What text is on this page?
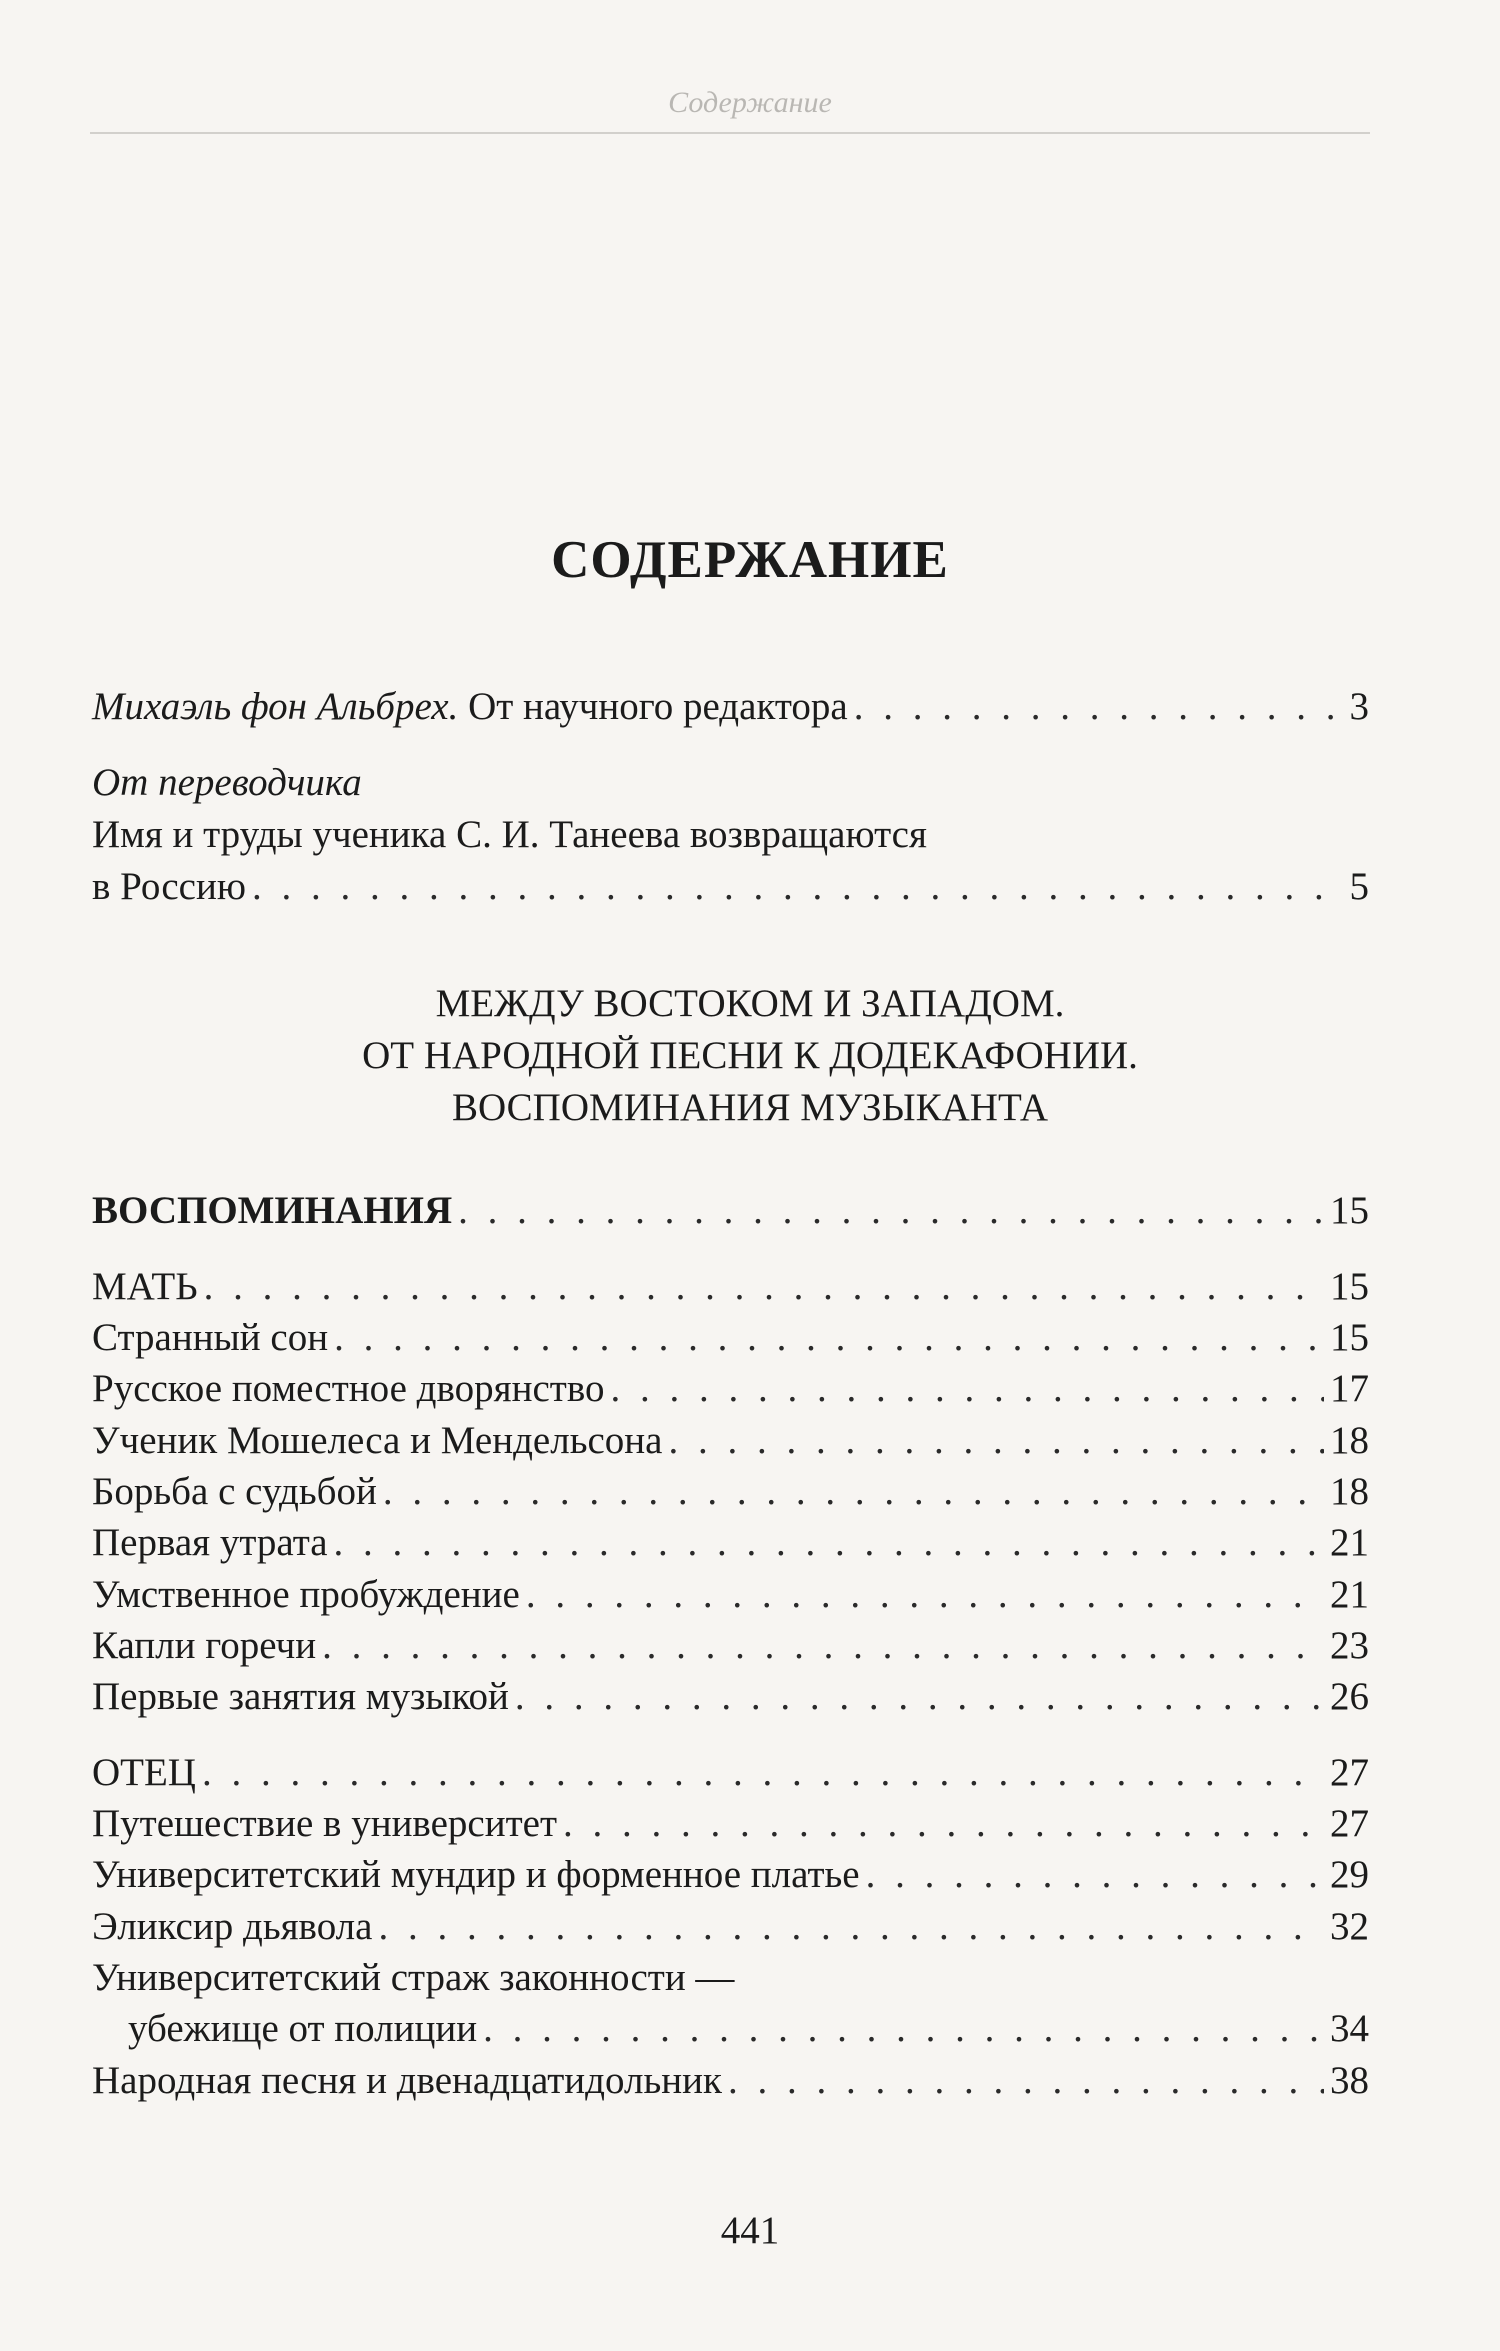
Содержание
СОДЕРЖАНИЕ
Михаэль фон Альбрех. От научного редактора . . .	3
От переводчика
Имя и труды ученика С. И. Танеева возвращаются
в Россию . . .	5
МЕЖДУ ВОСТОКОМ И ЗАПАДОМ.
ОТ НАРОДНОЙ ПЕСНИ К ДОДЕКАФОНИИ.
ВОСПОМИНАНИЯ МУЗЫКАНТА
ВОСПОМИНАНИЯ . . .	15
МАТЬ . . .	15
Странный сон . . .	15
Русское поместное дворянство . . .	17
Ученик Мошелеса и Мендельсона . . .	18
Борьба с судьбой . . .	18
Первая утрата . . .	21
Умственное пробуждение . . .	21
Капли горечи . . .	23
Первые занятия музыкой . . .	26
ОТЕЦ . . .	27
Путешествие в университет . . .	27
Университетский мундир и форменное платье . . .	29
Эликсир дьявола . . .	32
Университетский страж законности —
убежище от полиции . . .	34
Народная песня и двенадцатидольник . . .	38
441
